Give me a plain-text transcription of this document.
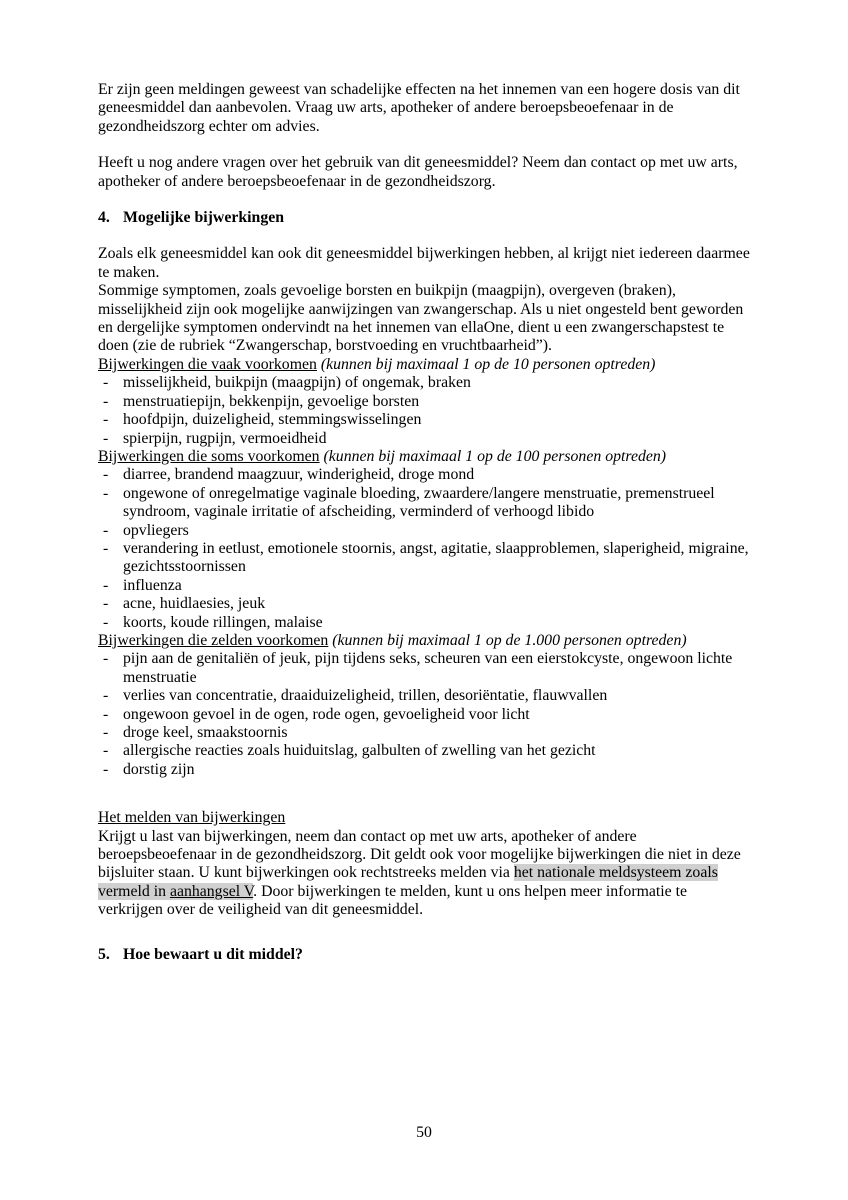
Er zijn geen meldingen geweest van schadelijke effecten na het innemen van een hogere dosis van dit geneesmiddel dan aanbevolen. Vraag uw arts, apotheker of andere beroepsbeoefenaar in de gezondheidszorg echter om advies.

Heeft u nog andere vragen over het gebruik van dit geneesmiddel? Neem dan contact op met uw arts, apotheker of andere beroepsbeoefenaar in de gezondheidszorg.

4. Mogelijke bijwerkingen
Zoals elk geneesmiddel kan ook dit geneesmiddel bijwerkingen hebben, al krijgt niet iedereen daarmee te maken.
Sommige symptomen, zoals gevoelige borsten en buikpijn (maagpijn), overgeven (braken), misselijkheid zijn ook mogelijke aanwijzingen van zwangerschap. Als u niet ongesteld bent geworden en dergelijke symptomen ondervindt na het innemen van ellaOne, dient u een zwangerschapstest te doen (zie de rubriek “Zwangerschap, borstvoeding en vruchtbaarheid”).

Bijwerkingen die vaak voorkomen (kunnen bij maximaal 1 op de 10 personen optreden)

- misselijkheid, buikpijn (maagpijn) of ongemak, braken
- menstruatiepijn, bekkenpijn, gevoelige borsten
- hoofdpijn, duizeligheid, stemmingswisselingen
- spierpijn, rugpijn, vermoeidheid

Bijwerkingen die soms voorkomen (kunnen bij maximaal 1 op de 100 personen optreden)

- diarree, brandend maagzuur, winderigheid, droge mond
- ongewone of onregelmatige vaginale bloeding, zwaardere/langere menstruatie, premenstrueel syndroom, vaginale irritatie of afscheiding, verminderd of verhoogd libido
- opvliegers
- verandering in eetlust, emotionele stoornis, angst, agitatie, slaapproblemen, slaperigheid, migraine, gezichtsstoornissen
- influenza
- acne, huidlaesies, jeuk
- koorts, koude rillingen, malaise

Bijwerkingen die zelden voorkomen (kunnen bij maximaal 1 op de 1.000 personen optreden)

- pijn aan de genitaliën of jeuk, pijn tijdens seks, scheuren van een eierstokcyste, ongewoon lichte menstruatie
- verlies van concentratie, draaiduizeligheid, trillen, desoriëntatie, flauwvallen
- ongewoon gevoel in de ogen, rode ogen, gevoeligheid voor licht
- droge keel, smaakstoornis
- allergische reacties zoals huiduitslag, galbulten of zwelling van het gezicht
- dorstig zijn
Het melden van bijwerkingen

Krijgt u last van bijwerkingen, neem dan contact op met uw arts, apotheker of andere beroepsbeoefenaar in de gezondheidszorg. Dit geldt ook voor mogelijke bijwerkingen die niet in deze bijsluiter staan. U kunt bijwerkingen ook rechtstreeks melden via het nationale meldsysteem zoals vermeld in aanhangsel V. Door bijwerkingen te melden, kunt u ons helpen meer informatie te verkrijgen over de veiligheid van dit geneesmiddel.

5. Hoe bewaart u dit middel?
50
